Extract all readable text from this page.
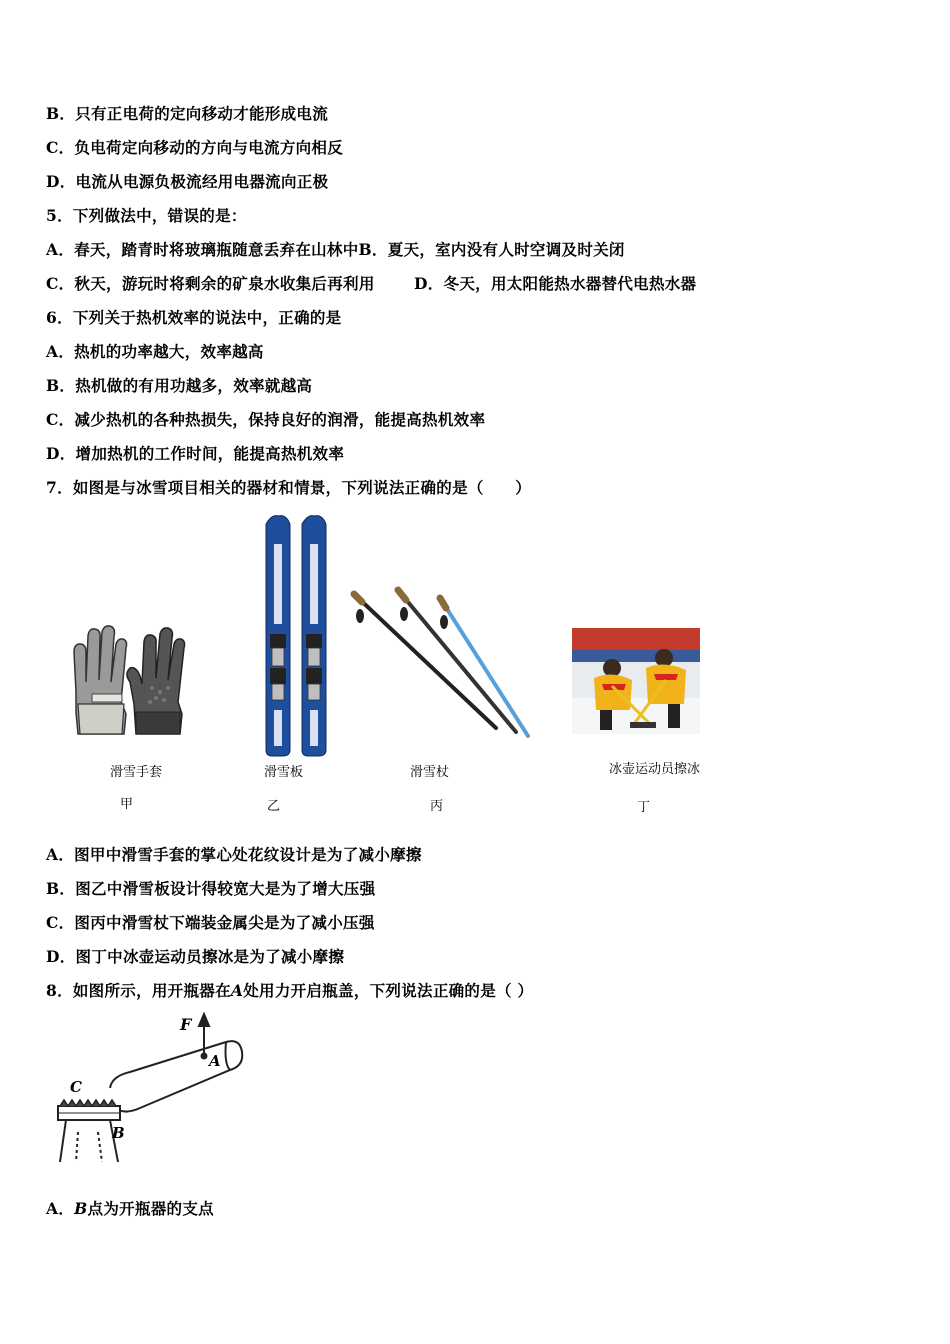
B．只有正电荷的定向移动才能形成电流
C．负电荷定向移动的方向与电流方向相反
D．电流从电源负极流经用电器流向正极
5．下列做法中，错误的是：
A．春天，踏青时将玻璃瓶随意丢弃在山林中B．夏天，室内没有人时空调及时关闭
C．秋天，游玩时将剩余的矿泉水收集后再利用	D．冬天，用太阳能热水器替代电热水器
6．下列关于热机效率的说法中，正确的是
A．热机的功率越大，效率越高
B．热机做的有用功越多，效率就越高
C．减少热机的各种热损失，保持良好的润滑，能提高热机效率
D．增加热机的工作时间，能提高热机效率
7．如图是与冰雪项目相关的器材和情景，下列说法正确的是（　　）
滑雪手套
甲
滑雪板
乙
滑雪杖
丙
冰壶运动员擦冰
丁
A．图甲中滑雪手套的掌心处花纹设计是为了减小摩擦
B．图乙中滑雪板设计得较宽大是为了增大压强
C．图丙中滑雪杖下端装金属尖是为了减小压强
D．图丁中冰壶运动员擦冰是为了减小摩擦
8．如图所示，用开瓶器在A处用力开启瓶盖，下列说法正确的是（ ）
F
A
C
B
A．B点为开瓶器的支点
